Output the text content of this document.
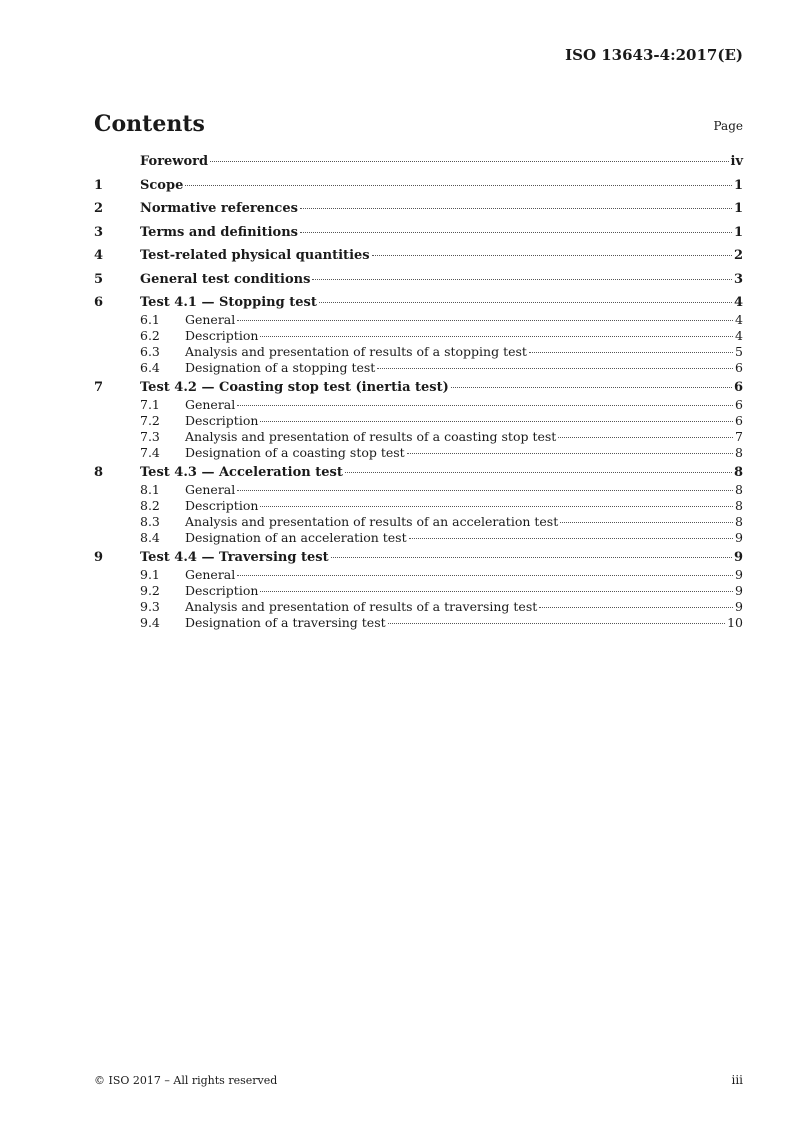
ISO 13643-4:2017(E)
Contents	Page
Foreword	iv
1	Scope	1
2	Normative references	1
3	Terms and definitions	1
4	Test-related physical quantities	2
5	General test conditions	3
6	Test 4.1 — Stopping test	4
6.1	General	4
6.2	Description	4
6.3	Analysis and presentation of results of a stopping test	5
6.4	Designation of a stopping test	6
7	Test 4.2 — Coasting stop test (inertia test)	6
7.1	General	6
7.2	Description	6
7.3	Analysis and presentation of results of a coasting stop test	7
7.4	Designation of a coasting stop test	8
8	Test 4.3 — Acceleration test	8
8.1	General	8
8.2	Description	8
8.3	Analysis and presentation of results of an acceleration test	8
8.4	Designation of an acceleration test	9
9	Test 4.4 — Traversing test	9
9.1	General	9
9.2	Description	9
9.3	Analysis and presentation of results of a traversing test	9
9.4	Designation of a traversing test	10
© ISO 2017 – All rights reserved	iii
